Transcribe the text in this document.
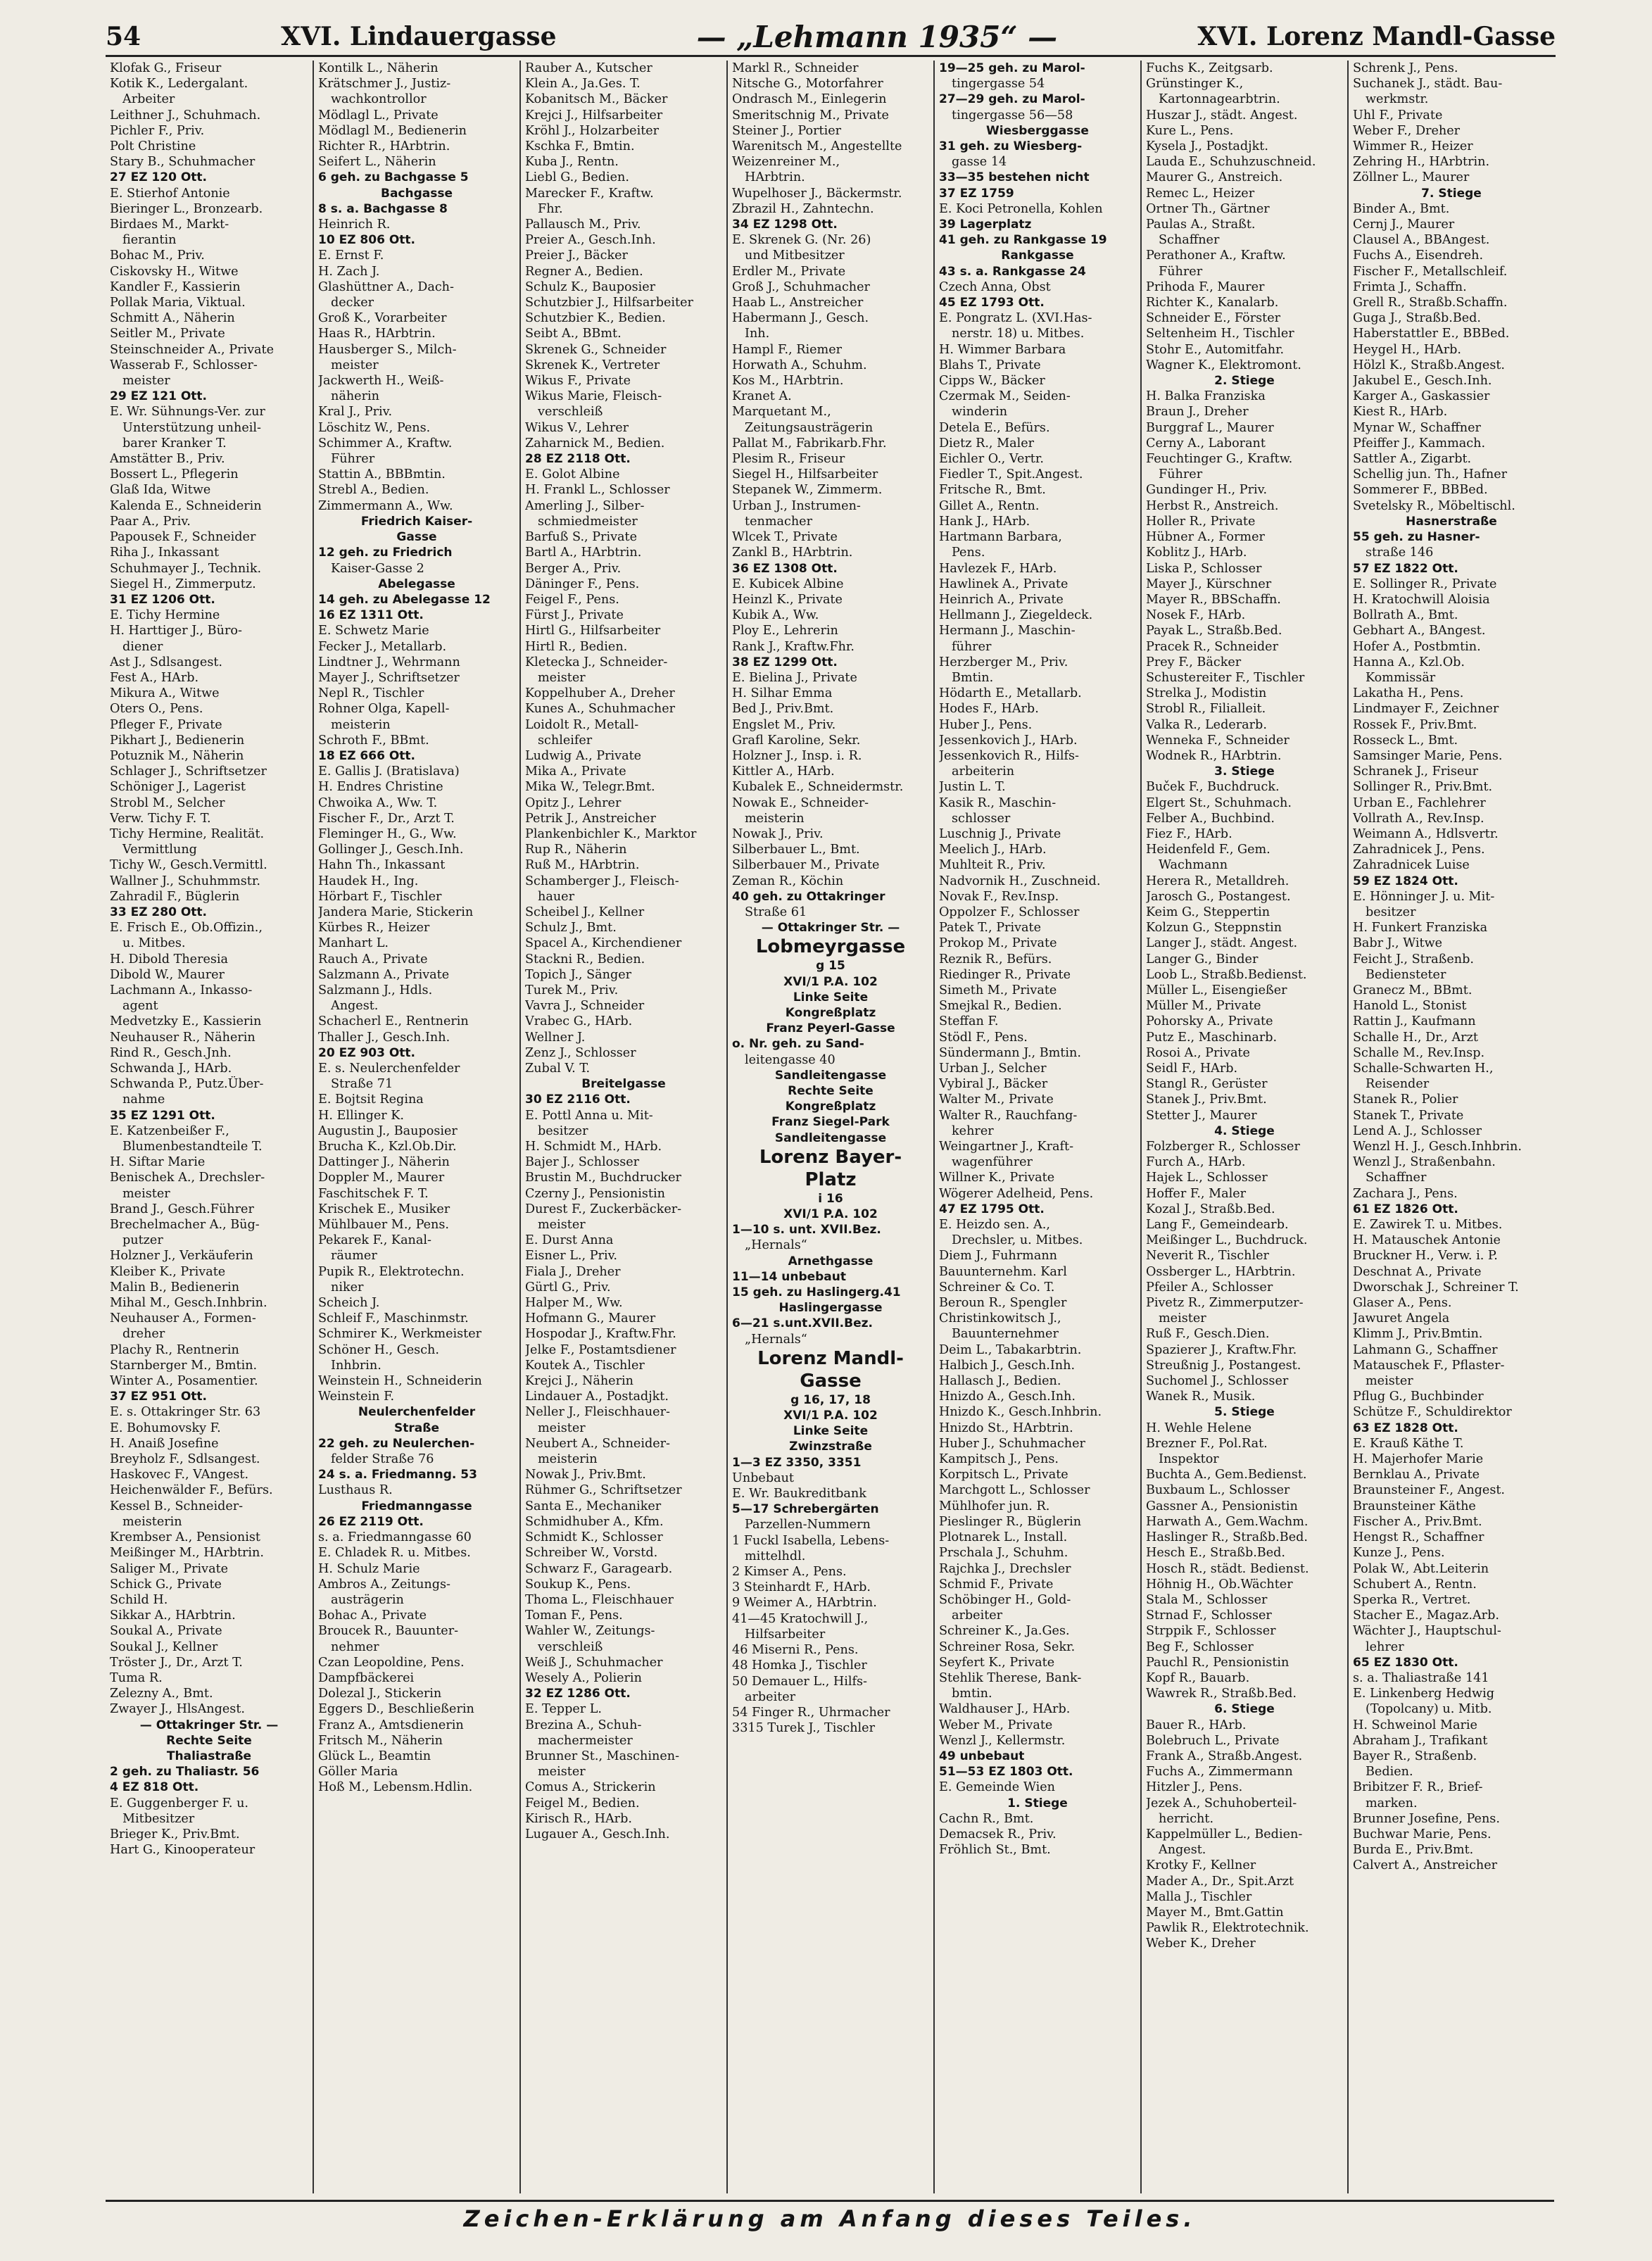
54	XVI. Lindauergasse	— „Lehmann 1935“ —	XVI. Lorenz Mandl-Gasse
Klofak G., Friseur
Kotik K., Ledergalant.
Arbeiter
Leithner J., Schuhmach.
Pichler F., Priv.
Polt Christine
Stary B., Schuhmacher
27 EZ 120 Ott.
E. Stierhof Antonie
Bieringer L., Bronzearb.
Birdaes M., Markt-
fierantin
Bohac M., Priv.
Ciskovsky H., Witwe
Kandler F., Kassierin
Pollak Maria, Viktual.
Schmitt A., Näherin
Seitler M., Private
Steinschneider A., Private
Wasserab F., Schlosser-
meister
29 EZ 121 Ott.
E. Wr. Sühnungs-Ver. zur
Unterstützung unheil-
barer Kranker T.
Amstätter B., Priv.
Bossert L., Pflegerin
Glaß Ida, Witwe
Kalenda E., Schneiderin
Paar A., Priv.
Papousek F., Schneider
Riha J., Inkassant
Schuhmayer J., Technik.
Siegel H., Zimmerputz.
31 EZ 1206 Ott.
E. Tichy Hermine
H. Harttiger J., Büro-
diener
Ast J., Sdlsangest.
Fest A., HArb.
Mikura A., Witwe
Oters O., Pens.
Pfleger F., Private
Pikhart J., Bedienerin
Potuznik M., Näherin
Schlager J., Schriftsetzer
Schöniger J., Lagerist
Strobl M., Selcher
Verw. Tichy F. T.
Tichy Hermine, Realität.
Vermittlung
Tichy W., Gesch.Vermittl.
Wallner J., Schuhmmstr.
Zahradil F., Büglerin
33 EZ 280 Ott.
E. Frisch E., Ob.Offizin.,
u. Mitbes.
H. Dibold Theresia
Dibold W., Maurer
Lachmann A., Inkasso-
agent
Medvetzky E., Kassierin
Neuhauser R., Näherin
Rind R., Gesch.Jnh.
Schwanda J., HArb.
Schwanda P., Putz.Über-
nahme
35 EZ 1291 Ott.
E. Katzenbeißer F.,
Blumenbestandteile T.
H. Siftar Marie
Benischek A., Drechsler-
meister
Brand J., Gesch.Führer
Brechelmacher A., Büg-
putzer
Holzner J., Verkäuferin
Kleiber K., Private
Malin B., Bedienerin
Mihal M., Gesch.Inhbrin.
Neuhauser A., Formen-
dreher
Plachy R., Rentnerin
Starnberger M., Bmtin.
Winter A., Posamentier.
37 EZ 951 Ott.
E. s. Ottakringer Str. 63
E. Bohumovsky F.
H. Anaiß Josefine
Breyholz F., Sdlsangest.
Haskovec F., VAngest.
Heichenwälder F., Befürs.
Kessel B., Schneider-
meisterin
Krembser A., Pensionist
Meißinger M., HArbtrin.
Saliger M., Private
Schick G., Private
Schild H.
Sikkar A., HArbtrin.
Soukal A., Private
Soukal J., Kellner
Tröster J., Dr., Arzt T.
Tuma R.
Zelezny A., Bmt.
Zwayer J., HlsAngest.
— Ottakringer Str. —
Rechte Seite
Thaliastraße
2 geh. zu Thaliastr. 56
4 EZ 818 Ott.
E. Guggenberger F. u.
Mitbesitzer
Brieger K., Priv.Bmt.
Hart G., Kinooperateur
Kontilk L., Näherin
Krätschmer J., Justiz-
wachkontrollor
Mödlagl L., Private
Mödlagl M., Bedienerin
Richter R., HArbtrin.
Seifert L., Näherin
6 geh. zu Bachgasse 5
Bachgasse
8 s. a. Bachgasse 8
Heinrich R.
10 EZ 806 Ott.
E. Ernst F.
H. Zach J.
Glashüttner A., Dach-
decker
Groß K., Vorarbeiter
Haas R., HArbtrin.
Hausberger S., Milch-
meister
Jackwerth H., Weiß-
näherin
Kral J., Priv.
Löschitz W., Pens.
Schimmer A., Kraftw.
Führer
Stattin A., BBBmtin.
Strebl A., Bedien.
Zimmermann A., Ww.
Friedrich Kaiser-
Gasse
12 geh. zu Friedrich
Kaiser-Gasse 2
Abelegasse
14 geh. zu Abelegasse 12
16 EZ 1311 Ott.
E. Schwetz Marie
Fecker J., Metallarb.
Lindtner J., Wehrmann
Mayer J., Schriftsetzer
Nepl R., Tischler
Rohner Olga, Kapell-
meisterin
Schroth F., BBmt.
18 EZ 666 Ott.
E. Gallis J. (Bratislava)
H. Endres Christine
Chwoika A., Ww. T.
Fischer F., Dr., Arzt T.
Fleminger H., G., Ww.
Gollinger J., Gesch.Inh.
Hahn Th., Inkassant
Haudek H., Ing.
Hörbart F., Tischler
Jandera Marie, Stickerin
Kürbes R., Heizer
Manhart L.
Rauch A., Private
Salzmann A., Private
Salzmann J., Hdls.
Angest.
Schacherl E., Rentnerin
Thaller J., Gesch.Inh.
20 EZ 903 Ott.
E. s. Neulerchenfelder
Straße 71
E. Bojtsit Regina
H. Ellinger K.
Augustin J., Bauposier
Brucha K., Kzl.Ob.Dir.
Dattinger J., Näherin
Doppler M., Maurer
Faschitschek F. T.
Krischek E., Musiker
Mühlbauer M., Pens.
Pekarek F., Kanal-
räumer
Pupik R., Elektrotechn.
niker
Scheich J.
Schleif F., Maschinmstr.
Schmirer K., Werkmeister
Schöner H., Gesch.
Inhbrin.
Weinstein H., Schneiderin
Weinstein F.
Neulerchenfelder
Straße
22 geh. zu Neulerchen-
felder Straße 76
24 s. a. Friedmanng. 53
Lusthaus R.
Friedmanngasse
26 EZ 2119 Ott.
s. a. Friedmanngasse 60
E. Chladek R. u. Mitbes.
H. Schulz Marie
Ambros A., Zeitungs-
austrägerin
Bohac A., Private
Broucek R., Bauunter-
nehmer
Czan Leopoldine, Pens.
Dampfbäckerei
Dolezal J., Stickerin
Eggers D., Beschließerin
Franz A., Amtsdienerin
Fritsch M., Näherin
Glück L., Beamtin
Göller Maria
Hoß M., Lebensm.Hdlin.
Rauber A., Kutscher
Klein A., Ja.Ges. T.
Kobanitsch M., Bäcker
Krejci J., Hilfsarbeiter
Kröhl J., Holzarbeiter
Kschka F., Bmtin.
Kuba J., Rentn.
Liebl G., Bedien.
Marecker F., Kraftw.
Fhr.
Pallausch M., Priv.
Preier A., Gesch.Inh.
Preier J., Bäcker
Regner A., Bedien.
Schulz K., Bauposier
Schutzbier J., Hilfsarbeiter
Schutzbier K., Bedien.
Seibt A., BBmt.
Skrenek G., Schneider
Skrenek K., Vertreter
Wikus F., Private
Wikus Marie, Fleisch-
verschleiß
Wikus V., Lehrer
Zaharnick M., Bedien.
28 EZ 2118 Ott.
E. Golot Albine
H. Frankl L., Schlosser
Amerling J., Silber-
schmiedmeister
Barfuß S., Private
Bartl A., HArbtrin.
Berger A., Priv.
Däninger F., Pens.
Feigel F., Pens.
Fürst J., Private
Hirtl G., Hilfsarbeiter
Hirtl R., Bedien.
Kletecka J., Schneider-
meister
Koppelhuber A., Dreher
Kunes A., Schuhmacher
Loidolt R., Metall-
schleifer
Ludwig A., Private
Mika A., Private
Mika W., Telegr.Bmt.
Opitz J., Lehrer
Petrik J., Anstreicher
Plankenbichler K., Marktor
Rup R., Näherin
Ruß M., HArbtrin.
Schamberger J., Fleisch-
hauer
Scheibel J., Kellner
Schulz J., Bmt.
Spacel A., Kirchendiener
Stackni R., Bedien.
Topich J., Sänger
Turek M., Priv.
Vavra J., Schneider
Vrabec G., HArb.
Wellner J.
Zenz J., Schlosser
Zubal V. T.
Breitelgasse
30 EZ 2116 Ott.
E. Pottl Anna u. Mit-
besitzer
H. Schmidt M., HArb.
Bajer J., Schlosser
Brustin M., Buchdrucker
Czerny J., Pensionistin
Durest F., Zuckerbäcker-
meister
E. Durst Anna
Eisner L., Priv.
Fiala J., Dreher
Gürtl G., Priv.
Halper M., Ww.
Hofmann G., Maurer
Hospodar J., Kraftw.Fhr.
Jelke F., Postamtsdiener
Koutek A., Tischler
Krejci J., Näherin
Lindauer A., Postadjkt.
Neller J., Fleischhauer-
meister
Neubert A., Schneider-
meisterin
Nowak J., Priv.Bmt.
Rühmer G., Schriftsetzer
Santa E., Mechaniker
Schmidhuber A., Kfm.
Schmidt K., Schlosser
Schreiber W., Vorstd.
Schwarz F., Garagearb.
Soukup K., Pens.
Thoma L., Fleischhauer
Toman F., Pens.
Wahler W., Zeitungs-
verschleiß
Weiß J., Schuhmacher
Wesely A., Polierin
32 EZ 1286 Ott.
E. Tepper L.
Brezina A., Schuh-
machermeister
Brunner St., Maschinen-
meister
Comus A., Strickerin
Feigel M., Bedien.
Kirisch R., HArb.
Lugauer A., Gesch.Inh.
Markl R., Schneider
Nitsche G., Motorfahrer
Ondrasch M., Einlegerin
Smeritschnig M., Private
Steiner J., Portier
Warenitsch M., Angestellte
Weizenreiner M.,
HArbtrin.
Wupelhoser J., Bäckermstr.
Zbrazil H., Zahntechn.
34 EZ 1298 Ott.
E. Skrenek G. (Nr. 26)
und Mitbesitzer
Erdler M., Private
Groß J., Schuhmacher
Haab L., Anstreicher
Habermann J., Gesch.
Inh.
Hampl F., Riemer
Horwath A., Schuhm.
Kos M., HArbtrin.
Kranet A.
Marquetant M.,
Zeitungsausträgerin
Pallat M., Fabrikarb.Fhr.
Plesim R., Friseur
Siegel H., Hilfsarbeiter
Stepanek W., Zimmerm.
Urban J., Instrumen-
tenmacher
Wlcek T., Private
Zankl B., HArbtrin.
36 EZ 1308 Ott.
E. Kubicek Albine
Heinzl K., Private
Kubik A., Ww.
Ploy E., Lehrerin
Rank J., Kraftw.Fhr.
38 EZ 1299 Ott.
E. Bielina J., Private
H. Silhar Emma
Bed J., Priv.Bmt.
Engslet M., Priv.
Grafl Karoline, Sekr.
Holzner J., Insp. i. R.
Kittler A., HArb.
Kubalek E., Schneidermstr.
Nowak E., Schneider-
meisterin
Nowak J., Priv.
Silberbauer L., Bmt.
Silberbauer M., Private
Zeman R., Köchin
40 geh. zu Ottakringer
Straße 61
— Ottakringer Str. —
Lobmeyrgasse
g 15
XVI/1 P.A. 102
Linke Seite
Kongreßplatz
Franz Peyerl-Gasse
o. Nr. geh. zu Sand-
leitengasse 40
Sandleitengasse
Rechte Seite
Kongreßplatz
Franz Siegel-Park
Sandleitengasse
Lorenz Bayer-
Platz
i 16
XVI/1 P.A. 102
1—10 s. unt. XVII.Bez.
„Hernals“
Arnethgasse
11—14 unbebaut
15 geh. zu Haslingerg.41
Haslingergasse
6—21 s.unt.XVII.Bez.
„Hernals“
Lorenz Mandl-
Gasse
g 16, 17, 18
XVI/1 P.A. 102
Linke Seite
Zwinzstraße
1—3 EZ 3350, 3351
Unbebaut
E. Wr. Baukreditbank
5—17 Schrebergärten
Parzellen-Nummern
1 Fuckl Isabella, Lebens-
mittelhdl.
2 Kimser A., Pens.
3 Steinhardt F., HArb.
9 Weimer A., HArbtrin.
41—45 Kratochwill J.,
Hilfsarbeiter
46 Miserni R., Pens.
48 Homka J., Tischler
50 Demauer L., Hilfs-
arbeiter
54 Finger R., Uhrmacher
3315 Turek J., Tischler
19—25 geh. zu Marol-
tingergasse 54
27—29 geh. zu Marol-
tingergasse 56—58
Wiesberggasse
31 geh. zu Wiesberg-
gasse 14
33—35 bestehen nicht
37 EZ 1759
E. Koci Petronella, Kohlen
39 Lagerplatz
41 geh. zu Rankgasse 19
Rankgasse
43 s. a. Rankgasse 24
Czech Anna, Obst
45 EZ 1793 Ott.
E. Pongratz L. (XVI.Has-
nerstr. 18) u. Mitbes.
H. Wimmer Barbara
Blahs T., Private
Cipps W., Bäcker
Czermak M., Seiden-
winderin
Detela E., Befürs.
Dietz R., Maler
Eichler O., Vertr.
Fiedler T., Spit.Angest.
Fritsche R., Bmt.
Gillet A., Rentn.
Hank J., HArb.
Hartmann Barbara,
Pens.
Havlezek F., HArb.
Hawlinek A., Private
Heinrich A., Private
Hellmann J., Ziegeldeck.
Hermann J., Maschin-
führer
Herzberger M., Priv.
Bmtin.
Hödarth E., Metallarb.
Hodes F., HArb.
Huber J., Pens.
Jessenkovich J., HArb.
Jessenkovich R., Hilfs-
arbeiterin
Justin L. T.
Kasik R., Maschin-
schlosser
Luschnig J., Private
Meelich J., HArb.
Muhlteit R., Priv.
Nadvornik H., Zuschneid.
Novak F., Rev.Insp.
Oppolzer F., Schlosser
Patek T., Private
Prokop M., Private
Reznik R., Befürs.
Riedinger R., Private
Simeth M., Private
Smejkal R., Bedien.
Steffan F.
Stödl F., Pens.
Sündermann J., Bmtin.
Urban J., Selcher
Vybiral J., Bäcker
Walter M., Private
Walter R., Rauchfang-
kehrer
Weingartner J., Kraft-
wagenführer
Willner K., Private
Wögerer Adelheid, Pens.
47 EZ 1795 Ott.
E. Heizdo sen. A.,
Drechsler, u. Mitbes.
Diem J., Fuhrmann
Bauunternehm. Karl
Schreiner & Co. T.
Beroun R., Spengler
Christinkowitsch J.,
Bauunternehmer
Deim L., Tabakarbtrin.
Halbich J., Gesch.Inh.
Hallasch J., Bedien.
Hnizdo A., Gesch.Inh.
Hnizdo K., Gesch.Inhbrin.
Hnizdo St., HArbtrin.
Huber J., Schuhmacher
Kampitsch J., Pens.
Korpitsch L., Private
Marchgott L., Schlosser
Mühlhofer jun. R.
Pieslinger R., Büglerin
Plotnarek L., Install.
Prschala J., Schuhm.
Rajchka J., Drechsler
Schmid F., Private
Schöbinger H., Gold-
arbeiter
Schreiner K., Ja.Ges.
Schreiner Rosa, Sekr.
Seyfert K., Private
Stehlik Therese, Bank-
bmtin.
Waldhauser J., HArb.
Weber M., Private
Wenzl J., Kellermstr.
49 unbebaut
51—53 EZ 1803 Ott.
E. Gemeinde Wien
1. Stiege
Cachn R., Bmt.
Demacsek R., Priv.
Fröhlich St., Bmt.
Fuchs K., Zeitgsarb.
Grünstinger K.,
Kartonnagearbtrin.
Huszar J., städt. Angest.
Kure L., Pens.
Kysela J., Postadjkt.
Lauda E., Schuhzuschneid.
Maurer G., Anstreich.
Remec L., Heizer
Ortner Th., Gärtner
Paulas A., Straßt.
Schaffner
Perathoner A., Kraftw.
Führer
Prihoda F., Maurer
Richter K., Kanalarb.
Schneider E., Förster
Seltenheim H., Tischler
Stohr E., Automitfahr.
Wagner K., Elektromont.
2. Stiege
H. Balka Franziska
Braun J., Dreher
Burggraf L., Maurer
Cerny A., Laborant
Feuchtinger G., Kraftw.
Führer
Gundinger H., Priv.
Herbst R., Anstreich.
Holler R., Private
Hübner A., Former
Koblitz J., HArb.
Liska P., Schlosser
Mayer J., Kürschner
Mayer R., BBSchaffn.
Nosek F., HArb.
Payak L., Straßb.Bed.
Pracek R., Schneider
Prey F., Bäcker
Schustereiter F., Tischler
Strelka J., Modistin
Strobl R., Filialleit.
Valka R., Lederarb.
Wenneka F., Schneider
Wodnek R., HArbtrin.
3. Stiege
Buček F., Buchdruck.
Elgert St., Schuhmach.
Felber A., Buchbind.
Fiez F., HArb.
Heidenfeld F., Gem.
Wachmann
Herera R., Metalldreh.
Jarosch G., Postangest.
Keim G., Steppertin
Kolzun G., Steppnstin
Langer J., städt. Angest.
Langer G., Binder
Loob L., Straßb.Bedienst.
Müller L., Eisengießer
Müller M., Private
Pohorsky A., Private
Putz E., Maschinarb.
Rosoi A., Private
Seidl F., HArb.
Stangl R., Gerüster
Stanek J., Priv.Bmt.
Stetter J., Maurer
4. Stiege
Folzberger R., Schlosser
Furch A., HArb.
Hajek L., Schlosser
Hoffer F., Maler
Kozal J., Straßb.Bed.
Lang F., Gemeindearb.
Meißinger L., Buchdruck.
Neverit R., Tischler
Ossberger L., HArbtrin.
Pfeiler A., Schlosser
Pivetz R., Zimmerputzer-
meister
Ruß F., Gesch.Dien.
Spazierer J., Kraftw.Fhr.
Streußnig J., Postangest.
Suchomel J., Schlosser
Wanek R., Musik.
5. Stiege
H. Wehle Helene
Brezner F., Pol.Rat.
Inspektor
Buchta A., Gem.Bedienst.
Buxbaum L., Schlosser
Gassner A., Pensionistin
Harwath A., Gem.Wachm.
Haslinger R., Straßb.Bed.
Hesch E., Straßb.Bed.
Hosch R., städt. Bedienst.
Höhnig H., Ob.Wächter
Stala M., Schlosser
Strnad F., Schlosser
Strppik F., Schlosser
Beg F., Schlosser
Pauchl R., Pensionistin
Kopf R., Bauarb.
Wawrek R., Straßb.Bed.
6. Stiege
Bauer R., HArb.
Bolebruch L., Private
Frank A., Straßb.Angest.
Fuchs A., Zimmermann
Hitzler J., Pens.
Jezek A., Schuhoberteil-
herricht.
Kappelmüller L., Bedien-
Angest.
Krotky F., Kellner
Mader A., Dr., Spit.Arzt
Malla J., Tischler
Mayer M., Bmt.Gattin
Pawlik R., Elektrotechnik.
Weber K., Dreher
Schrenk J., Pens.
Suchanek J., städt. Bau-
werkmstr.
Uhl F., Private
Weber F., Dreher
Wimmer R., Heizer
Zehring H., HArbtrin.
Zöllner L., Maurer
7. Stiege
Binder A., Bmt.
Cernj J., Maurer
Clausel A., BBAngest.
Fuchs A., Eisendreh.
Fischer F., Metallschleif.
Frimta J., Schaffn.
Grell R., Straßb.Schaffn.
Guga J., Straßb.Bed.
Haberstattler E., BBBed.
Heygel H., HArb.
Hölzl K., Straßb.Angest.
Jakubel E., Gesch.Inh.
Karger A., Gaskassier
Kiest R., HArb.
Mynar W., Schaffner
Pfeiffer J., Kammach.
Sattler A., Zigarbt.
Schellig jun. Th., Hafner
Sommerer F., BBBed.
Svetelsky R., Möbeltischl.
Hasnerstraße
55 geh. zu Hasner-
straße 146
57 EZ 1822 Ott.
E. Sollinger R., Private
H. Kratochwill Aloisia
Bollrath A., Bmt.
Gebhart A., BAngest.
Hofer A., Postbmtin.
Hanna A., Kzl.Ob.
Kommissär
Lakatha H., Pens.
Lindmayer F., Zeichner
Rossek F., Priv.Bmt.
Rosseck L., Bmt.
Samsinger Marie, Pens.
Schranek J., Friseur
Sollinger R., Priv.Bmt.
Urban E., Fachlehrer
Vollrath A., Rev.Insp.
Weimann A., Hdlsvertr.
Zahradnicek J., Pens.
Zahradnicek Luise
59 EZ 1824 Ott.
E. Hönninger J. u. Mit-
besitzer
H. Funkert Franziska
Babr J., Witwe
Feicht J., Straßenb.
Bediensteter
Granecz M., BBmt.
Hanold L., Stonist
Rattin J., Kaufmann
Schalle H., Dr., Arzt
Schalle M., Rev.Insp.
Schalle-Schwarten H.,
Reisender
Stanek R., Polier
Stanek T., Private
Lend A. J., Schlosser
Wenzl H. J., Gesch.Inhbrin.
Wenzl J., Straßenbahn.
Schaffner
Zachara J., Pens.
61 EZ 1826 Ott.
E. Zawirek T. u. Mitbes.
H. Matauschek Antonie
Bruckner H., Verw. i. P.
Deschnat A., Private
Dworschak J., Schreiner T.
Glaser A., Pens.
Jawuret Angela
Klimm J., Priv.Bmtin.
Lahmann G., Schaffner
Matauschek F., Pflaster-
meister
Pflug G., Buchbinder
Schütze F., Schuldirektor
63 EZ 1828 Ott.
E. Krauß Käthe T.
H. Majerhofer Marie
Bernklau A., Private
Braunsteiner F., Angest.
Braunsteiner Käthe
Fischer A., Priv.Bmt.
Hengst R., Schaffner
Kunze J., Pens.
Polak W., Abt.Leiterin
Schubert A., Rentn.
Sperka R., Vertret.
Stacher E., Magaz.Arb.
Wächter J., Hauptschul-
lehrer
65 EZ 1830 Ott.
s. a. Thaliastraße 141
E. Linkenberg Hedwig
(Topolcany) u. Mitb.
H. Schweinol Marie
Abraham J., Trafikant
Bayer R., Straßenb.
Bedien.
Bribitzer F. R., Brief-
marken.
Brunner Josefine, Pens.
Buchwar Marie, Pens.
Burda E., Priv.Bmt.
Calvert A., Anstreicher
Zeichen-Erklärung am Anfang dieses Teiles.
